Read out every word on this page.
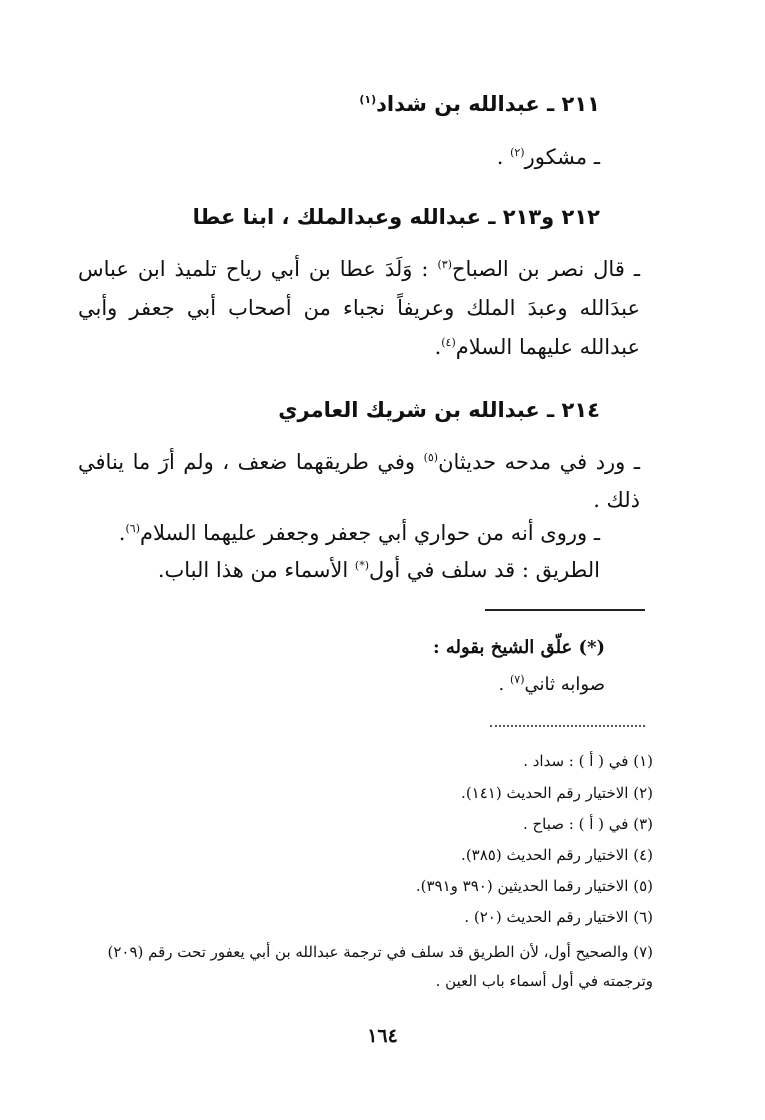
٢١١ ـ عبدالله بن شداد$^{(١)}$
ـ مشكور$^{(٢)}$ .
٢١٢ و٢١٣ ـ عبدالله وعبدالملك ، ابنا عطا
ـ قال نصر بن الصباح$^{(٣)}$ : وَلَدَ عطا بن أبي رياح تلميذ ابن عباس عبدَالله وعبدَ الملك وعريفاً نجباء من أصحاب أبي جعفر وأبي عبدالله عليهما السلام$^{(٤)}$.
٢١٤ ـ عبدالله بن شريك العامري
ـ ورد في مدحه حديثان$^{(٥)}$ وفي طريقهما ضعف ، ولم أرَ ما ينافي ذلك .
ـ وروى أنه من حواري أبي جعفر وجعفر عليهما السلام$^{(٦)}$.
الطريق : قد سلف في أول(*) الأسماء من هذا الباب.
(*) علّق الشيخ بقوله :
صوابه ثاني$^{(٧)}$ .
(١) في ( أ ) : سداد .
(٢) الاختيار رقم الحديث (١٤١).
(٣) في ( أ ) : صباح .
(٤) الاختيار رقم الحديث (٣٨٥).
(٥) الاختيار رقما الحديثين (٣٩٠ و٣٩١).
(٦) الاختيار رقم الحديث (٢٠) .
(٧) والصحيح أول، لأن الطريق قد سلف في ترجمة عبدالله بن أبي يعفور تحت رقم (٢٠٩) وترجمته في أول أسماء باب العين .
١٦٤
